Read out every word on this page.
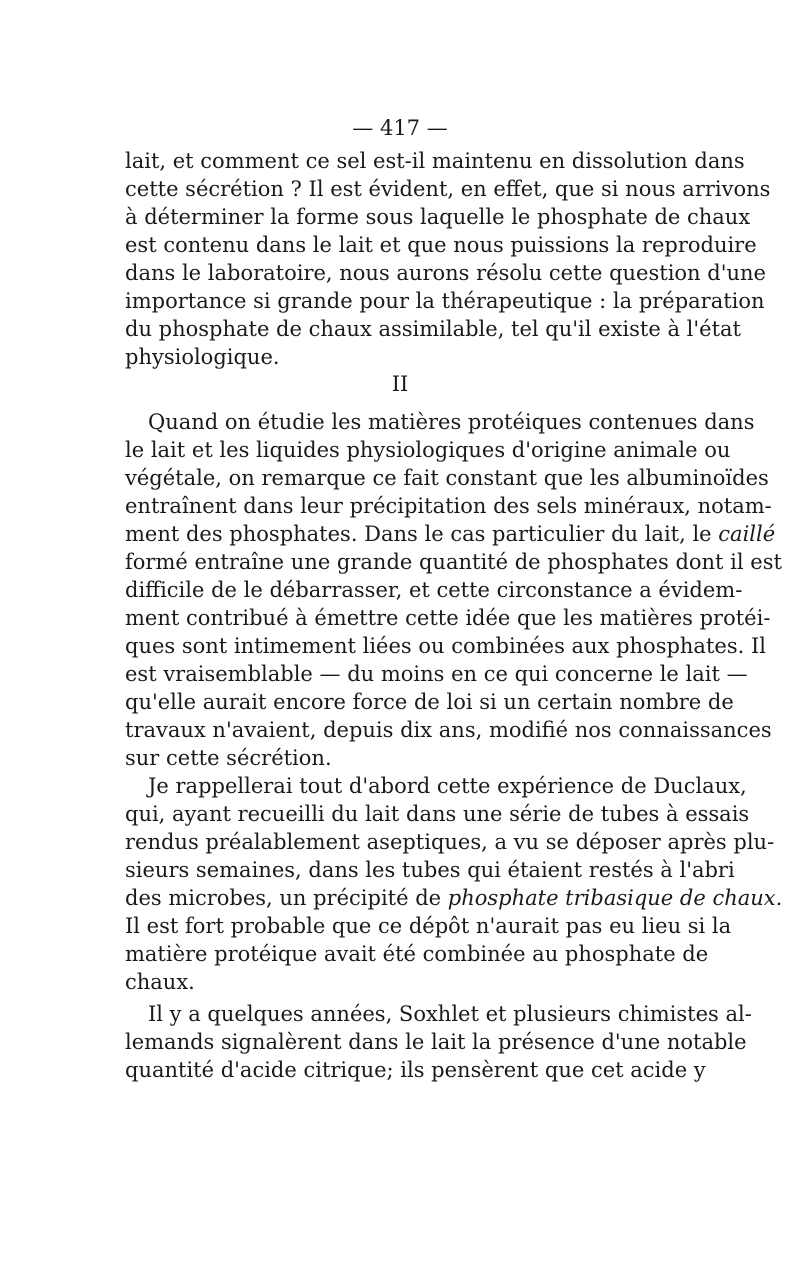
— 417 —
lait, et comment ce sel est-il maintenu en dissolution dans
cette sécrétion ? Il est évident, en effet, que si nous arrivons
à déterminer la forme sous laquelle le phosphate de chaux
est contenu dans le lait et que nous puissions la reproduire
dans le laboratoire, nous aurons résolu cette question d'une
importance si grande pour la thérapeutique : la préparation
du phosphate de chaux assimilable, tel qu'il existe à l'état
physiologique.
II
Quand on étudie les matières protéiques contenues dans
le lait et les liquides physiologiques d'origine animale ou
végétale, on remarque ce fait constant que les albuminoïdes
entraînent dans leur précipitation des sels minéraux, notam-
ment des phosphates. Dans le cas particulier du lait, le caillé
formé entraîne une grande quantité de phosphates dont il est
difficile de le débarrasser, et cette circonstance a évidem-
ment contribué à émettre cette idée que les matières protéi-
ques sont intimement liées ou combinées aux phosphates. Il
est vraisemblable — du moins en ce qui concerne le lait —
qu'elle aurait encore force de loi si un certain nombre de
travaux n'avaient, depuis dix ans, modifié nos connaissances
sur cette sécrétion.
Je rappellerai tout d'abord cette expérience de Duclaux,
qui, ayant recueilli du lait dans une série de tubes à essais
rendus préalablement aseptiques, a vu se déposer après plu-
sieurs semaines, dans les tubes qui étaient restés à l'abri
des microbes, un précipité de phosphate tribasique de chaux.
Il est fort probable que ce dépôt n'aurait pas eu lieu si la
matière protéique avait été combinée au phosphate de
chaux.
Il y a quelques années, Soxhlet et plusieurs chimistes al-
lemands signalèrent dans le lait la présence d'une notable
quantité d'acide citrique; ils pensèrent que cet acide y
